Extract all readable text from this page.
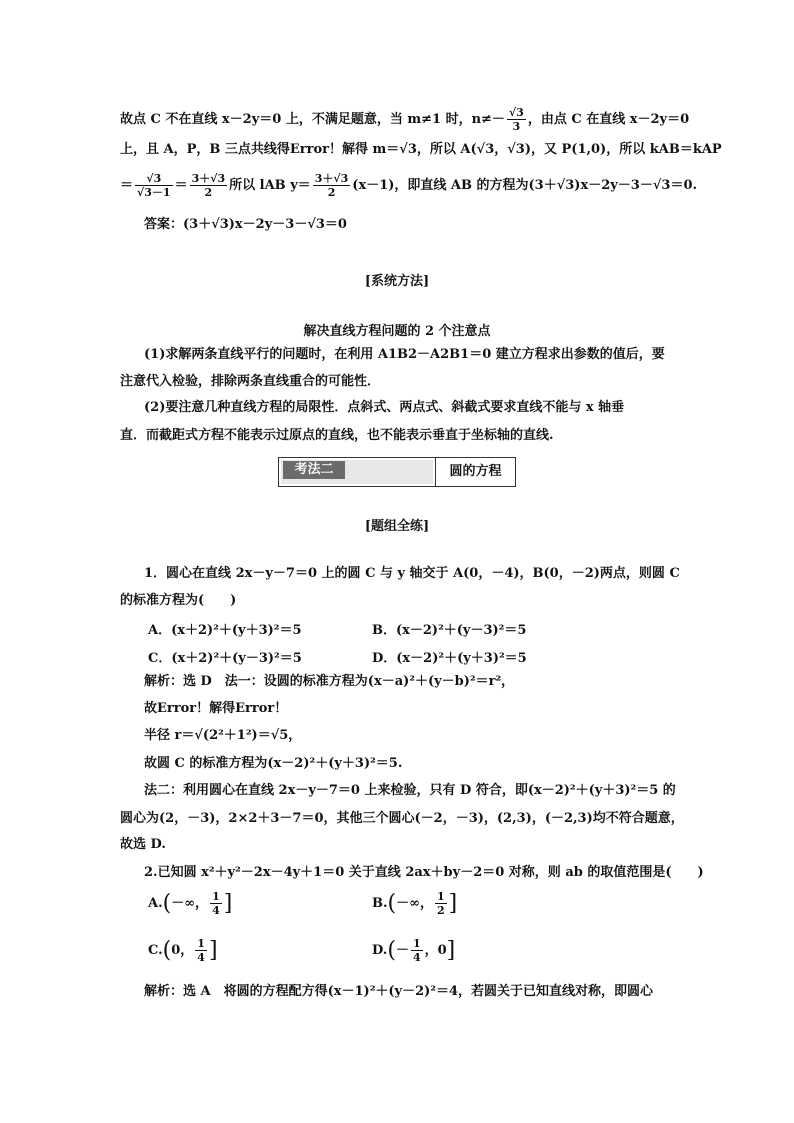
故点 C 不在直线 x－2y＝0 上，不满足题意，当 m≠1 时，$n\ne- \frac{√3}{3}$ ，由点 C 在直线 x－2y＝0
上，且 A，P，B 三点共线得Error！解得 m＝√3，所以 A(√3，√3)，又 P(1,0)，所以 kAB＝kAP
＝ $\frac{√3}{√3-1} = \frac{3+√3}{2}$ 所以 lAB $y= \frac{3+√3}{2} (x-1)$，即直线 AB 的方程为(3＋√3)x－2y－3－√3＝0.
答案：(3＋√3)x－2y－3－√3＝0
[系统方法]
解决直线方程问题的 2 个注意点
(1)求解两条直线平行的问题时，在利用 A1B2－A2B1＝0 建立方程求出参数的值后，要
注意代入检验，排除两条直线重合的可能性．
(2)要注意几种直线方程的局限性．点斜式、两点式、斜截式要求直线不能与 x 轴垂
直．而截距式方程不能表示过原点的直线，也不能表示垂直于坐标轴的直线.
考法二	圆的方程
[题组全练]
1．圆心在直线 2x－y－7＝0 上的圆 C 与 y 轴交于 A(0，－4)，B(0，－2)两点，则圆 C
的标准方程为(　　)
A．(x＋2)²＋(y＋3)²＝5	B．(x－2)²＋(y－3)²＝5
C．(x＋2)²＋(y－3)²＝5	D．(x－2)²＋(y＋3)²＝5
解析：选 D　法一：设圆的标准方程为(x－a)²＋(y－b)²＝r²，
故Error！解得Error！
半径 r＝√(2²＋1²)＝√5，
故圆 C 的标准方程为(x－2)²＋(y＋3)²＝5.
法二：利用圆心在直线 2x－y－7＝0 上来检验，只有 D 符合，即(x－2)²＋(y＋3)²＝5 的
圆心为(2，－3)，2×2＋3－7＝0，其他三个圆心(－2，－3)，(2,3)，(－2,3)均不符合题意，
故选 D.
2.已知圆 x²＋y²－2x－4y＋1＝0 关于直线 2ax＋by－2＝0 对称，则 ab 的取值范围是(　　)
A.(－∞， $\frac{1}{4}$ ]	B.(－∞， $\frac{1}{2}$ ]
C.(0， $\frac{1}{4}$ ]	$D.(- \frac{1}{4}$ ，0]
解析：选 A　将圆的方程配方得(x－1)²＋(y－2)²＝4，若圆关于已知直线对称，即圆心
